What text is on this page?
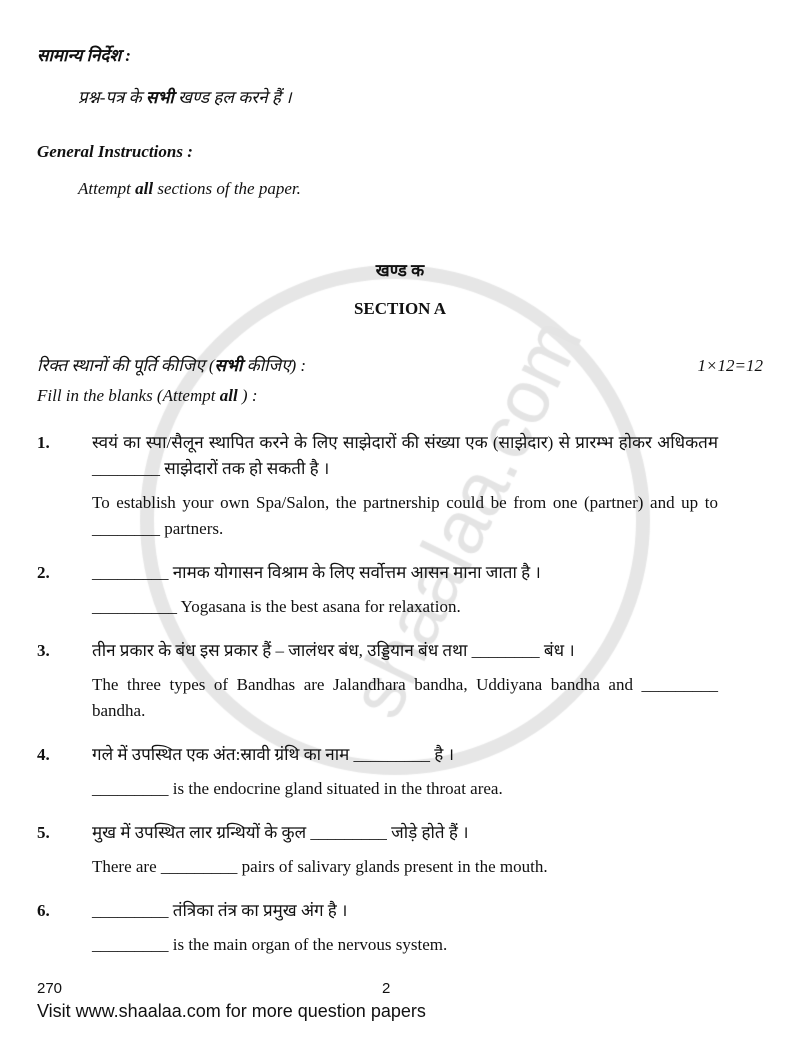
सामान्य निर्देश :
प्रश्न-पत्र के सभी खण्ड हल करने हैं ।
General Instructions :
Attempt all sections of the paper.
खण्ड क
SECTION A
रिक्त स्थानों की पूर्ति कीजिए (सभी कीजिए) :	1×12=12
Fill in the blanks (Attempt all ) :
1.	स्वयं का स्पा/सैलून स्थापित करने के लिए साझेदारों की संख्या एक (साझेदार) से प्रारम्भ होकर अधिकतम ________ साझेदारों तक हो सकती है ।
To establish your own Spa/Salon, the partnership could be from one (partner) and up to ________ partners.
2.	_________ नामक योगासन विश्राम के लिए सर्वोत्तम आसन माना जाता है ।
__________ Yogasana is the best asana for relaxation.
3.	तीन प्रकार के बंध इस प्रकार हैं – जालंधर बंध, उड्डियान बंध तथा ________ बंध ।
The three types of Bandhas are Jalandhara bandha, Uddiyana bandha and _________ bandha.
4.	गले में उपस्थित एक अंत:स्रावी ग्रंथि का नाम _________ है ।
_________ is the endocrine gland situated in the throat area.
5.	मुख में उपस्थित लार ग्रन्थियों के कुल _________ जोड़े होते हैं ।
There are _________ pairs of salivary glands present in the mouth.
6.	_________ तंत्रिका तंत्र का प्रमुख अंग है ।
_________ is the main organ of the nervous system.
270	2
Visit www.shaalaa.com for more question papers
